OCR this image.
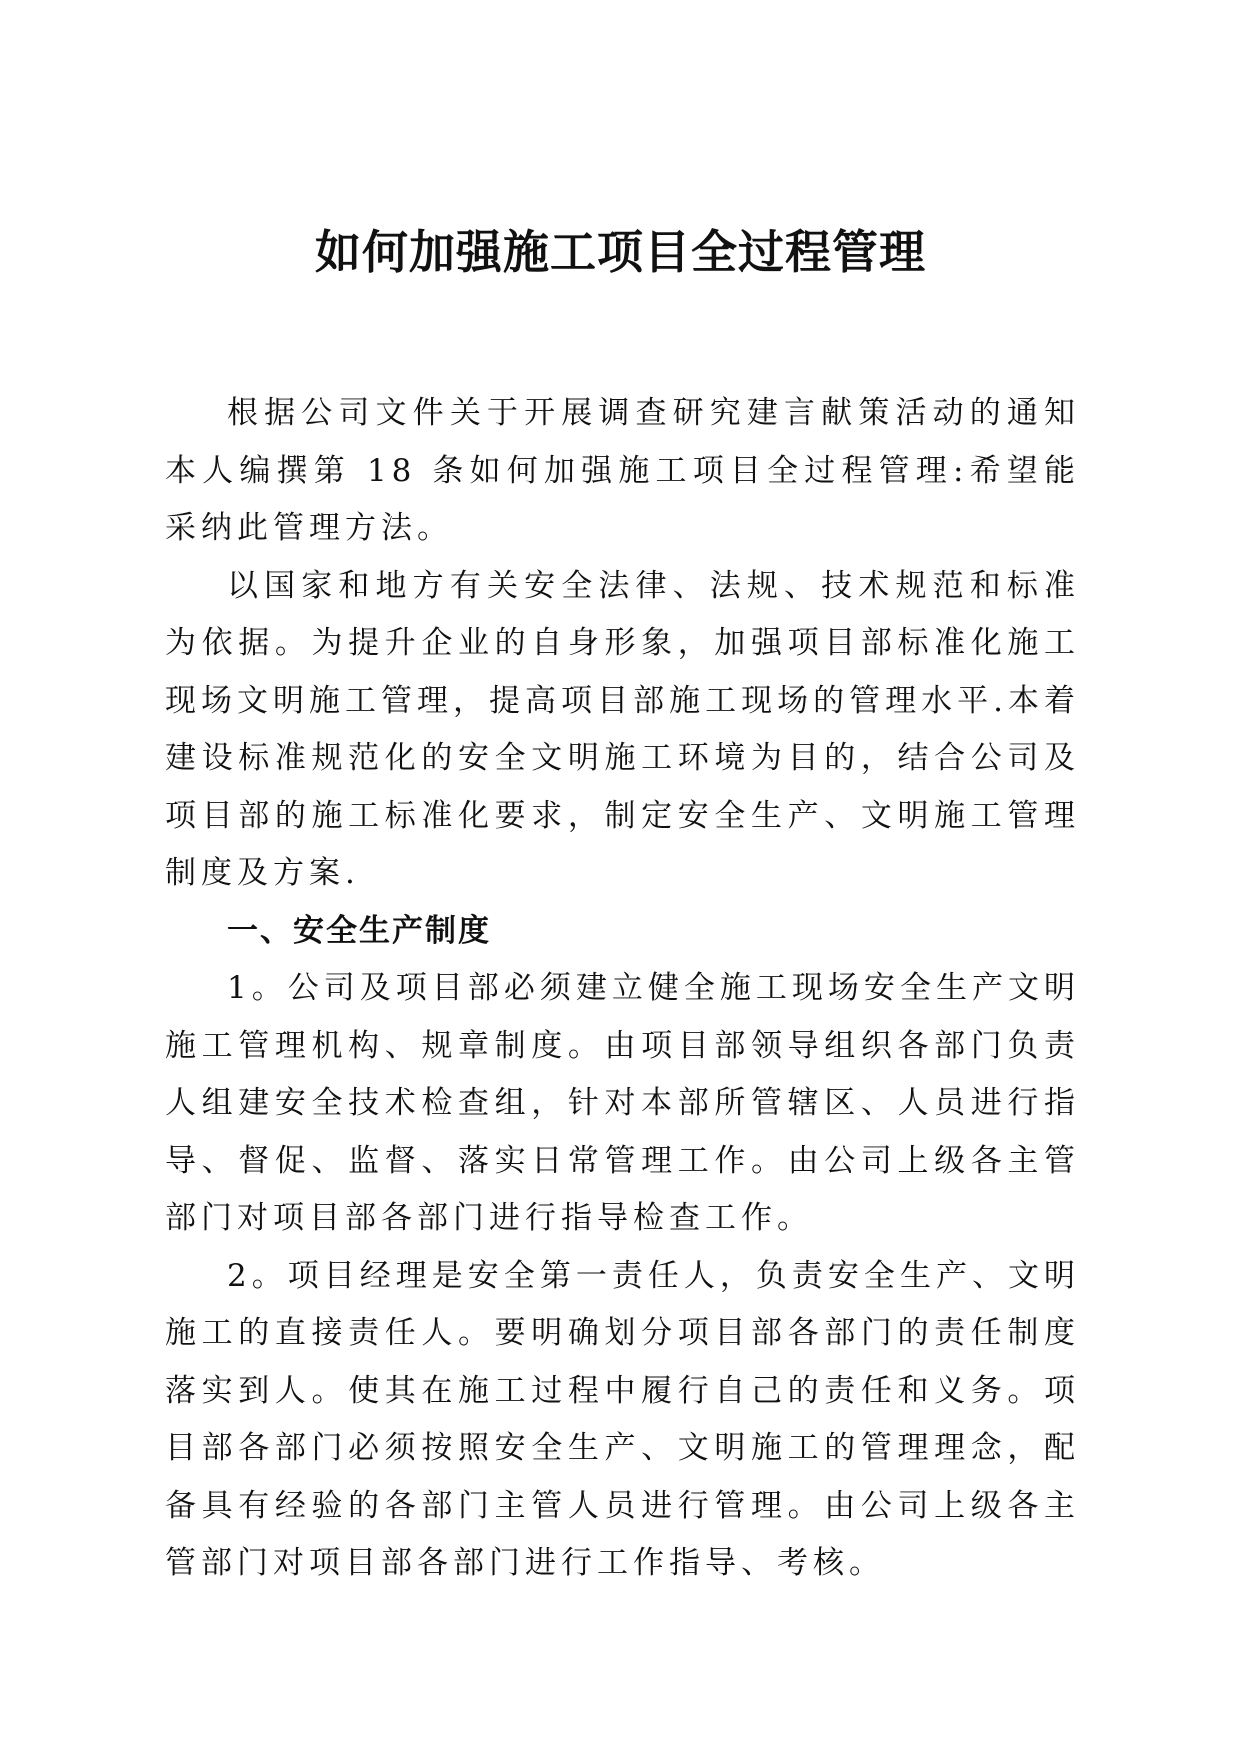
如何加强施工项目全过程管理

根据公司文件关于开展调查研究建言献策活动的通知本人编撰第 18 条如何加强施工项目全过程管理:希望能采纳此管理方法。

以国家和地方有关安全法律、法规、技术规范和标准为依据。为提升企业的自身形象，加强项目部标准化施工现场文明施工管理，提高项目部施工现场的管理水平.本着建设标准规范化的安全文明施工环境为目的，结合公司及项目部的施工标准化要求，制定安全生产、文明施工管理制度及方案.

一、安全生产制度

1。公司及项目部必须建立健全施工现场安全生产文明施工管理机构、规章制度。由项目部领导组织各部门负责人组建安全技术检查组，针对本部所管辖区、人员进行指导、督促、监督、落实日常管理工作。由公司上级各主管部门对项目部各部门进行指导检查工作。

2。项目经理是安全第一责任人，负责安全生产、文明施工的直接责任人。要明确划分项目部各部门的责任制度落实到人。使其在施工过程中履行自己的责任和义务。项目部各部门必须按照安全生产、文明施工的管理理念，配备具有经验的各部门主管人员进行管理。由公司上级各主管部门对项目部各部门进行工作指导、考核。
